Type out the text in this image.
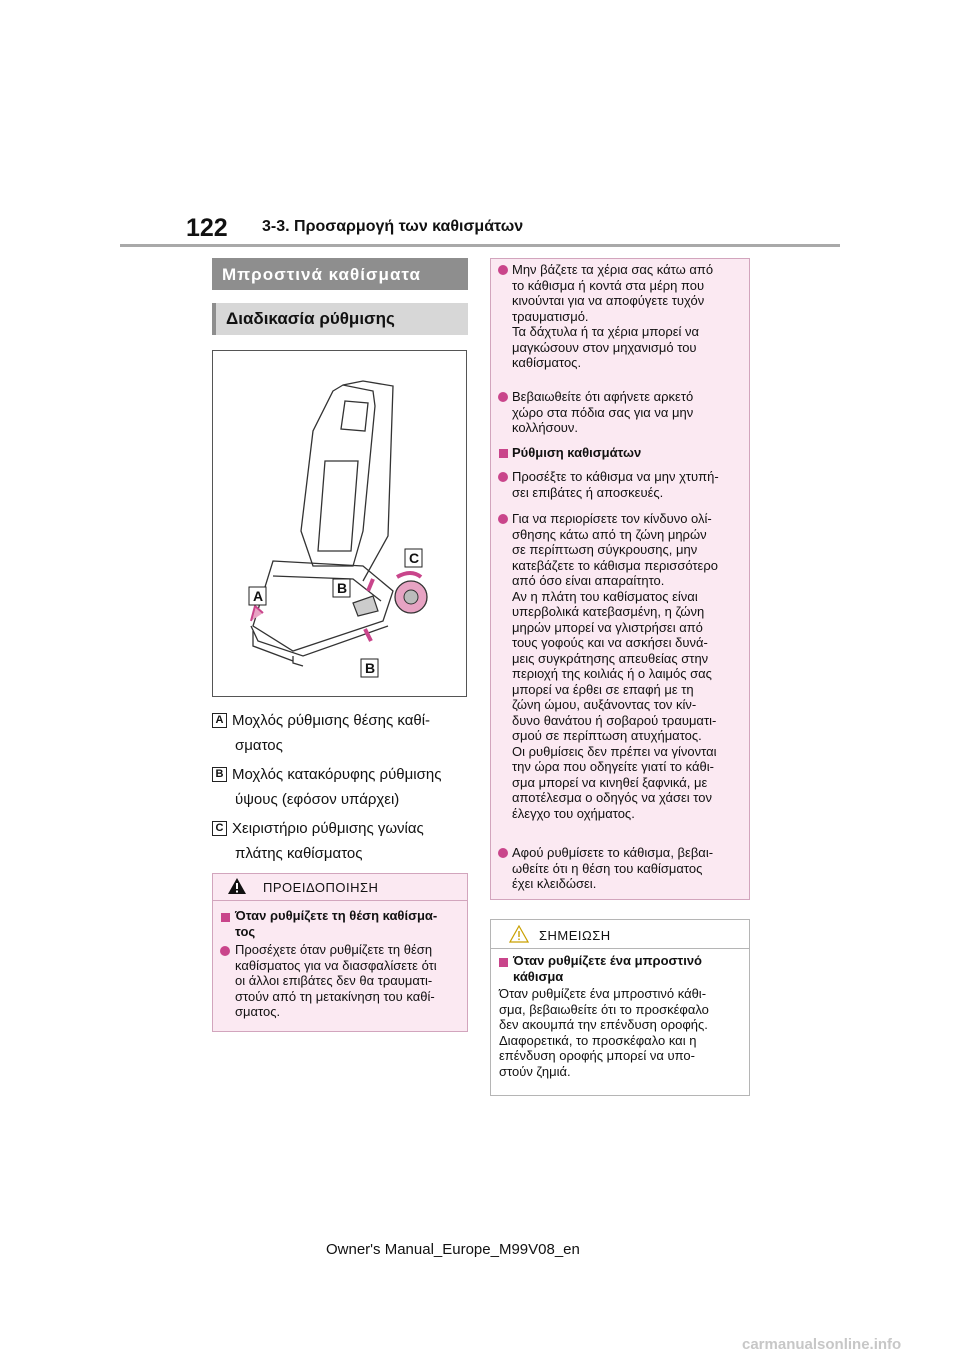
122 3-3. Προσαρμογή των καθισμάτων
Μπροστινά καθίσματα
Διαδικασία ρύθμισης
A	B
C
B
A Μοχλός ρύθμισης θέσης καθί-
σματος
B Μοχλός κατακόρυφης ρύθμισης
ύψους (εφόσον υπάρχει)
C Χειριστήριο ρύθμισης γωνίας
πλάτης καθίσματος
ΠΡΟΕΙΔΟΠΟΙΗΣΗ
Όταν ρυθμίζετε τη θέση καθίσμα-
τος
Προσέχετε όταν ρυθμίζετε τη θέση
καθίσματος για να διασφαλίσετε ότι
οι άλλοι επιβάτες δεν θα τραυματι-
στούν από τη μετακίνηση του καθί-
σματος.
Μην βάζετε τα χέρια σας κάτω από
το κάθισμα ή κοντά στα μέρη που
κινούνται για να αποφύγετε τυχόν
τραυματισμό.
Τα δάχτυλα ή τα χέρια μπορεί να
μαγκώσουν στον μηχανισμό του
καθίσματος.
Βεβαιωθείτε ότι αφήνετε αρκετό
χώρο στα πόδια σας για να μην
κολλήσουν.
Ρύθμιση καθισμάτων
Προσέξτε το κάθισμα να μην χτυπή-
σει επιβάτες ή αποσκευές.
Για να περιορίσετε τον κίνδυνο ολί-
σθησης κάτω από τη ζώνη μηρών
σε περίπτωση σύγκρουσης, μην
κατεβάζετε το κάθισμα περισσότερο
από όσο είναι απαραίτητο.
Αν η πλάτη του καθίσματος είναι
υπερβολικά κατεβασμένη, η ζώνη
μηρών μπορεί να γλιστρήσει από
τους γοφούς και να ασκήσει δυνά-
μεις συγκράτησης απευθείας στην
περιοχή της κοιλιάς ή ο λαιμός σας
μπορεί να έρθει σε επαφή με τη
ζώνη ώμου, αυξάνοντας τον κίν-
δυνο θανάτου ή σοβαρού τραυματι-
σμού σε περίπτωση ατυχήματος.
Οι ρυθμίσεις δεν πρέπει να γίνονται
την ώρα που οδηγείτε γιατί το κάθι-
σμα μπορεί να κινηθεί ξαφνικά, με
αποτέλεσμα ο οδηγός να χάσει τον
έλεγχο του οχήματος.
Αφού ρυθμίσετε το κάθισμα, βεβαι-
ωθείτε ότι η θέση του καθίσματος
έχει κλειδώσει.
ΣΗΜΕΙΩΣΗ
Όταν ρυθμίζετε ένα μπροστινό
κάθισμα
Όταν ρυθμίζετε ένα μπροστινό κάθι-
σμα, βεβαιωθείτε ότι το προσκέφαλο
δεν ακουμπά την επένδυση οροφής.
Διαφορετικά, το προσκέφαλο και η
επένδυση οροφής μπορεί να υπο-
στούν ζημιά.
Owner's Manual_Europe_M99V08_en
carmanualsonline.info
